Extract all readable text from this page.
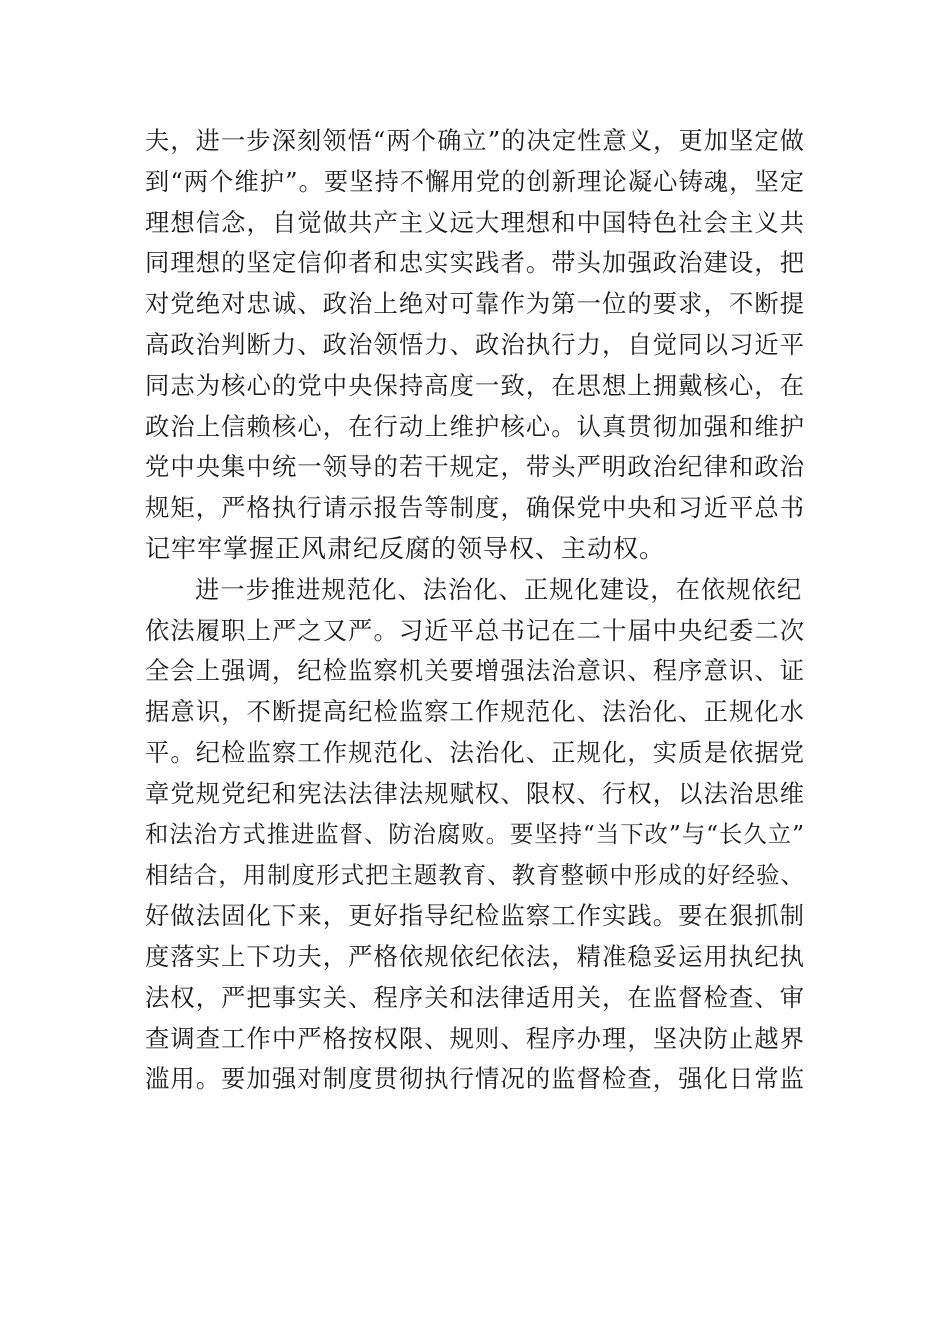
夫，进一步深刻领悟“两个确立”的决定性意义，更加坚定做
到“两个维护”。要坚持不懈用党的创新理论凝心铸魂，坚定
理想信念，自觉做共产主义远大理想和中国特色社会主义共
同理想的坚定信仰者和忠实实践者。带头加强政治建设，把
对党绝对忠诚、政治上绝对可靠作为第一位的要求，不断提
高政治判断力、政治领悟力、政治执行力，自觉同以习近平
同志为核心的党中央保持高度一致，在思想上拥戴核心，在
政治上信赖核心，在行动上维护核心。认真贯彻加强和维护
党中央集中统一领导的若干规定，带头严明政治纪律和政治
规矩，严格执行请示报告等制度，确保党中央和习近平总书
记牢牢掌握正风肃纪反腐的领导权、主动权。
进一步推进规范化、法治化、正规化建设，在依规依纪
依法履职上严之又严。习近平总书记在二十届中央纪委二次
全会上强调，纪检监察机关要增强法治意识、程序意识、证
据意识，不断提高纪检监察工作规范化、法治化、正规化水
平。纪检监察工作规范化、法治化、正规化，实质是依据党
章党规党纪和宪法法律法规赋权、限权、行权，以法治思维
和法治方式推进监督、防治腐败。要坚持“当下改”与“长久立”
相结合，用制度形式把主题教育、教育整顿中形成的好经验、
好做法固化下来，更好指导纪检监察工作实践。要在狠抓制
度落实上下功夫，严格依规依纪依法，精准稳妥运用执纪执
法权，严把事实关、程序关和法律适用关，在监督检查、审
查调查工作中严格按权限、规则、程序办理，坚决防止越界
滥用。要加强对制度贯彻执行情况的监督检查，强化日常监
